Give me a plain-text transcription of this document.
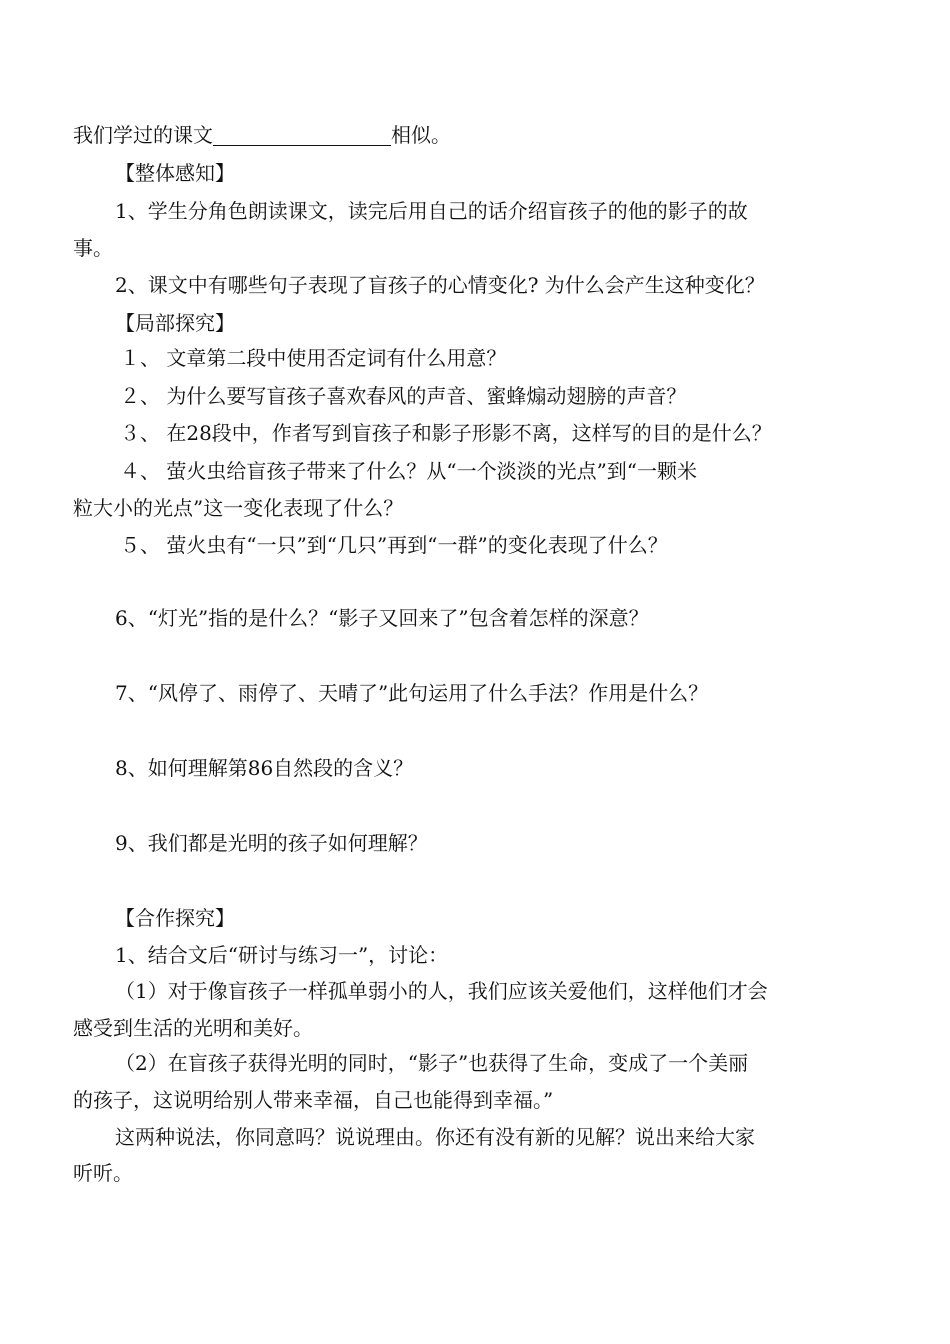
我们学过的课文	相似。
【整体感知】
1、学生分角色朗读课文，读完后用自己的话介绍盲孩子的他的影子的故
事。
2、课文中有哪些句子表现了盲孩子的心情变化? 为什么会产生这种变化？
【局部探究】
１、 文章第二段中使用否定词有什么用意？
２、 为什么要写盲孩子喜欢春风的声音、蜜蜂煽动翅膀的声音？
３、 在28段中，作者写到盲孩子和影子形影不离，这样写的目的是什么？
４、 萤火虫给盲孩子带来了什么？从“一个淡淡的光点”到“一颗米
粒大小的光点”这一变化表现了什么？
５、 萤火虫有“一只”到“几只”再到“一群”的变化表现了什么？
6、“灯光”指的是什么？“影子又回来了”包含着怎样的深意？
7、“风停了、雨停了、天晴了”此句运用了什么手法？作用是什么？
8、如何理解第86自然段的含义？
9、我们都是光明的孩子如何理解？
【合作探究】
1、结合文后“研讨与练习一”，讨论：
（1）对于像盲孩子一样孤单弱小的人，我们应该关爱他们，这样他们才会
感受到生活的光明和美好。
（2）在盲孩子获得光明的同时，“影子”也获得了生命，变成了一个美丽
的孩子，这说明给别人带来幸福，自己也能得到幸福。”
这两种说法，你同意吗？说说理由。你还有没有新的见解？说出来给大家
听听。
